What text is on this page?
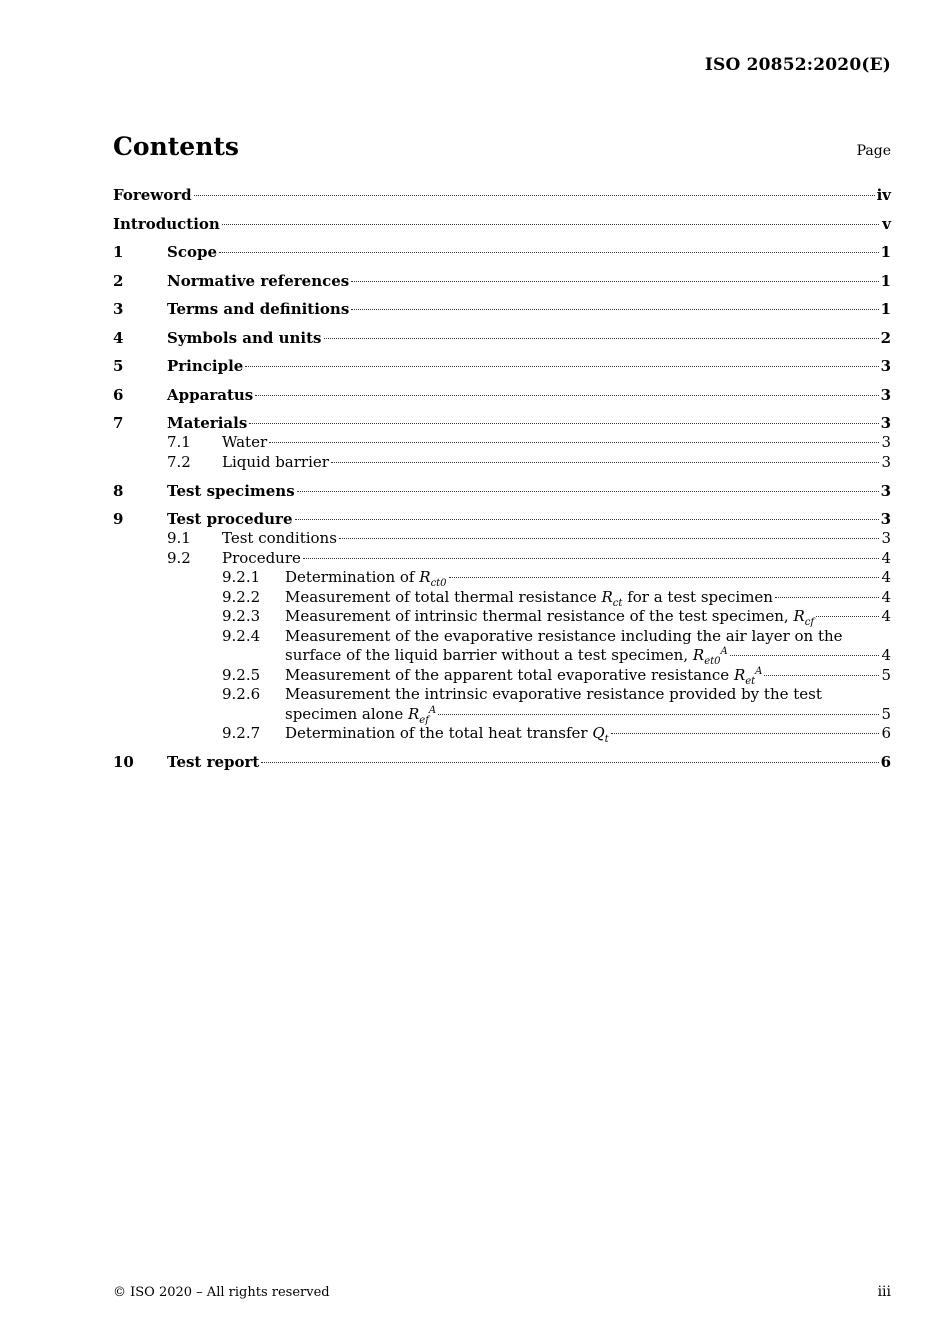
ISO 20852:2020(E)
Contents	Page
Foreword	iv
Introduction	v
1	Scope	1
2	Normative references	1
3	Terms and definitions	1
4	Symbols and units	2
5	Principle	3
6	Apparatus	3
7	Materials	3
7.1 Water	3
7.2 Liquid barrier	3
8	Test specimens	3
9	Test procedure	3
9.1 Test conditions	3
9.2 Procedure	4
9.2.1 Determination of $R_{ct0}$	4
9.2.2 Measurement of total thermal resistance $R_{ct}$ for a test specimen	4
9.2.3 Measurement of intrinsic thermal resistance of the test specimen, $R_{cf}$	4
9.2.4 Measurement of the evaporative resistance including the air layer on the
surface of the liquid barrier without a test specimen, $R_{et0}^A$	4
9.2.5 Measurement of the apparent total evaporative resistance $R_{et}^A$	5
9.2.6 Measurement the intrinsic evaporative resistance provided by the test
specimen alone $R_{ef}^A$	5
9.2.7 Determination of the total heat transfer $Q_t$	6
10 Test report	6
© ISO 2020 – All rights reserved	iii
